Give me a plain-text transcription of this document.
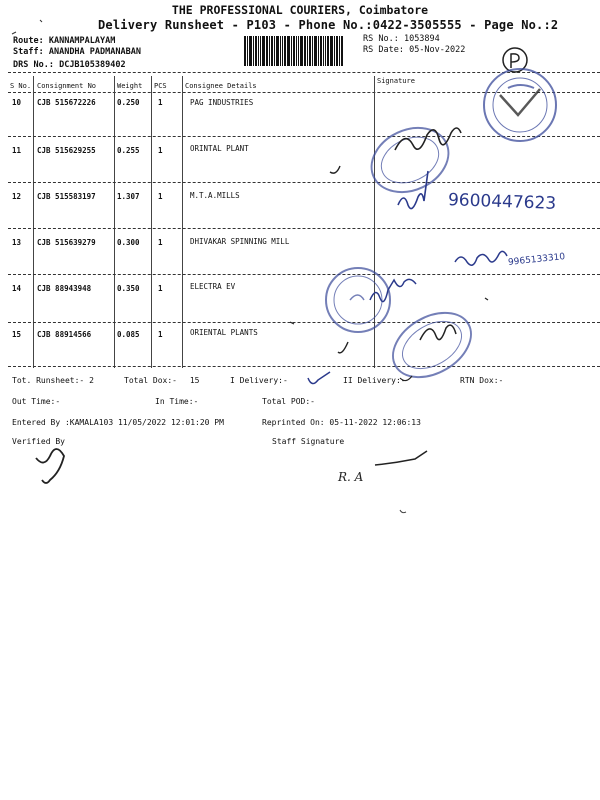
THE PROFESSIONAL COURIERS, Coimbatore
Delivery Runsheet - P103 - Phone No.:0422-3505555 - Page No.:2
Route: KANNAMPALAYAM
Staff: ANANDHA PADMANABAN
DRS No.: DCJB105389402
RS No.: 1053894
RS Date: 05-Nov-2022
S No. Consignment No	Weight PCS	Consignee Details
Signature
10 CJB 515672226	0.250 1	PAG INDUSTRIES
11 CJB 515629255	0.255 1	ORINTAL PLANT
12 CJB 515583197	1.307 1	M.T.A.MILLS
13 CJB 515639279	0.300 1	DHIVAKAR SPINNING MILL
14 CJB 88943948	0.350 1	ELECTRA EV
15 CJB 88914566	0.085 1	ORIENTAL PLANTS
Tot. Runsheet:- 2	Total Dox:- 15	I Delivery:-	II Delivery:-	RTN Dox:-
Out Time:-	In Time:-	Total POD:-
Entered By :KAMALA103 11/05/2022 12:01:20 PM	Reprinted On: 05-11-2022 12:06:13
Verified By	Staff Signature
9600447623
9965133310
R. A
